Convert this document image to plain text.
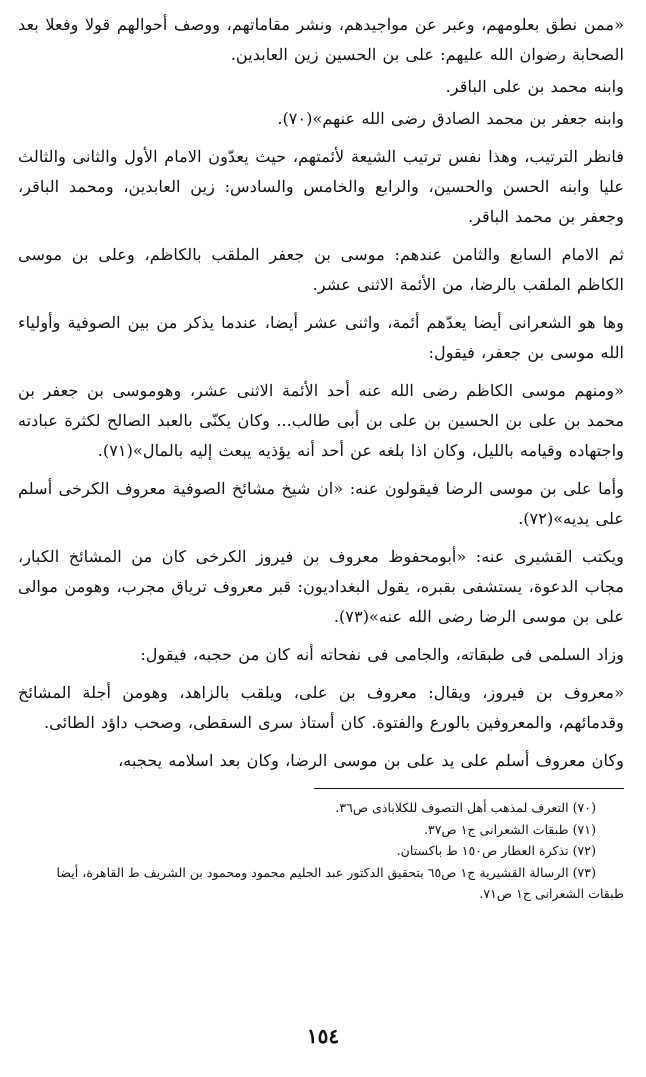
«ممن نطق بعلومهم، وعبر عن مواجيدهم، ونشر مقاماتهم، ووصف أحوالهم قولا وفعلا بعد الصحابة رضوان الله عليهم: على بن الحسين زين العابدين.

وابنه محمد بن على الباقر.

وابنه جعفر بن محمد الصادق رضى الله عنهم»(٧٠).

فانظر الترتيب، وهذا نفس ترتيب الشيعة لأئمتهم، حيث يعدّون الامام الأول والثانى والثالث عليا وابنه الحسن والحسين، والرابع والخامس والسادس: زين العابدين، ومحمد الباقر، وجعفر بن محمد الباقر.

ثم الامام السابع والثامن عندهم: موسى بن جعفر الملقب بالكاظم، وعلى بن موسى الكاظم الملقب بالرضا، من الأئمة الاثنى عشر.

وها هو الشعرانى أيضا يعدّهم أئمة، واثنى عشر أيضا، عندما يذكر من بين الصوفية وأولياء الله موسى بن جعفر، فيقول:

«ومنهم موسى الكاظم رضى الله عنه أحد الأئمة الاثنى عشر، وهوموسى بن جعفر بن محمد بن على بن الحسين بن على بن أبى طالب... وكان يكنّى بالعبد الصالح لكثرة عبادته واجتهاده وقيامه بالليل، وكان اذا بلغه عن أحد أنه يؤذيه يبعث إليه بالمال»(٧١).

وأما على بن موسى الرضا فيقولون عنه: «ان شيخ مشائخ الصوفية معروف الكرخى أسلم على يديه»(٧٢).

ويكتب القشيرى عنه: «أبومحفوظ معروف بن فيروز الكرخى كان من المشائخ الكبار، مجاب الدعوة، يستشفى بقبره، يقول البغداديون: قبر معروف ترياق مجرب، وهومن موالى على بن موسى الرضا رضى الله عنه»(٧٣).

وزاد السلمى فى طبقاته، والجامى فى نفحاته أنه كان من حجبه، فيقول:

«معروف بن فيروز، ويقال: معروف بن على، ويلقب بالزاهد، وهومن أجلة المشائخ وقدمائهم، والمعروفين بالورع والفتوة. كان أستاذ سرى السقطى، وصحب داؤد الطائى.

وكان معروف أسلم على يد على بن موسى الرضا، وكان بعد اسلامه يحجبه،

(٧٠) التعرف لمذهب أهل التصوف للكلاباذى ص٣٦.

(٧١) طبقات الشعرانى ج١ ص٣٧.

(٧٢) تذكرة العطار ص١٥٠ ط باكستان.

(٧٣) الرسالة القشيرية ج١ ص٦٥ بتحقيق الدكتور عبد الحليم محمود ومحمود بن الشريف ط القاهرة، أيضا

طبقات الشعرانى ج١ ص٧١.

١٥٤
